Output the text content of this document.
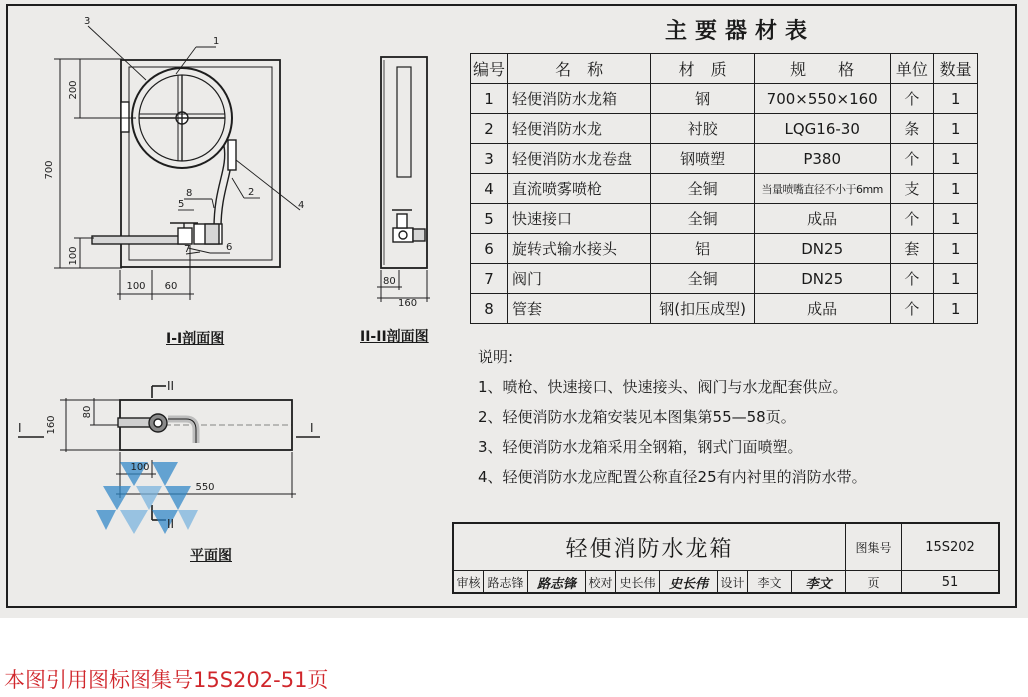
700
200
100
100 60
3
1
2
4
8
5
7	6
80
160
I	I
II
II
160
80
100
550
I-I剖面图	II-II剖面图
平面图
主要器材表
编号	名　称	材　质	规　　格	单位	数量
1	轻便消防水龙箱	钢	700×550×160	个	1
2	轻便消防水龙	衬胶	LQG16-30	条	1
3	轻便消防水龙卷盘	钢喷塑	P380	个	1
4	直流喷雾喷枪	全铜	当量喷嘴直径不小于6mm	支	1
5	快速接口	全铜	成品	个	1
6	旋转式输水接头	铝	DN25	套	1
7	阀门	全铜	DN25	个	1
8	管套	钢(扣压成型)	成品	个	1
说明:
1、喷枪、快速接口、快速接头、阀门与水龙配套供应。
2、轻便消防水龙箱安装见本图集第55—58页。
3、轻便消防水龙箱采用全钢箱，钢式门面喷塑。
4、轻便消防水龙应配置公称直径25有内衬里的消防水带。
轻便消防水龙箱	图集号	15S202
审核 路志锋	路志锋	校对 史长伟	史长伟	设计	李文	李文	页	51
本图引用图标图集号15S202-51页
